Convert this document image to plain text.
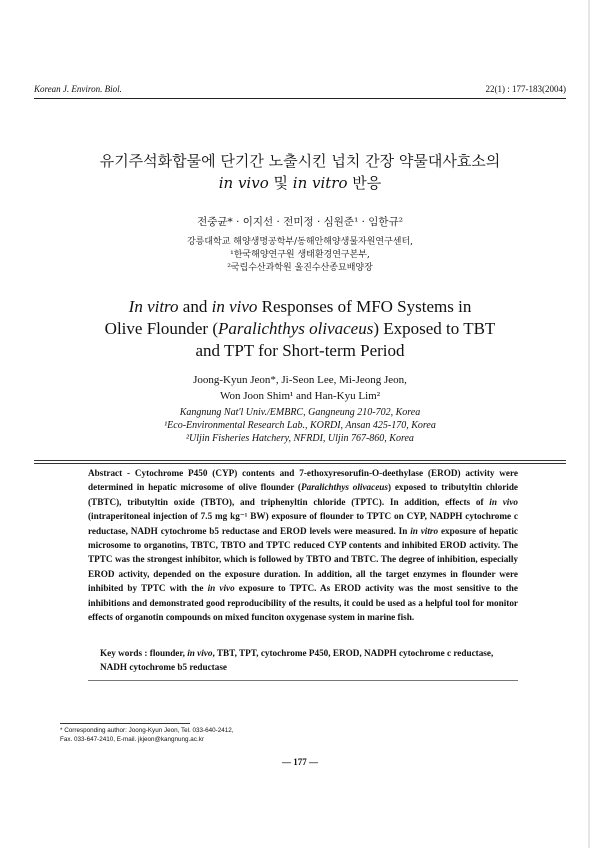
Korean J. Environ. Biol.	22(1) : 177-183(2004)
유기주석화합물에 단기간 노출시킨 넙치 간장 약물대사효소의
in vivo 및 in vitro 반응
전중균* · 이지선 · 전미정 · 심원준¹ · 임한규²
강릉대학교 해양생명공학부/동해안해양생물자원연구센터,
¹한국해양연구원 생태환경연구본부,
²국립수산과학원 울진수산종묘배양장
In vitro and in vivo Responses of MFO Systems in
Olive Flounder (Paralichthys olivaceus) Exposed to TBT
and TPT for Short-term Period
Joong-Kyun Jeon*, Ji-Seon Lee, Mi-Jeong Jeon,
Won Joon Shim¹ and Han-Kyu Lim²
Kangnung Nat'l Univ./EMBRC, Gangneung 210-702, Korea
¹Eco-Environmental Research Lab., KORDI, Ansan 425-170, Korea
²Uljin Fisheries Hatchery, NFRDI, Uljin 767-860, Korea
Abstract - Cytochrome P450 (CYP) contents and 7-ethoxyresorufin-O-deethylase (EROD) activity were determined in hepatic microsome of olive flounder (Paralichthys olivaceus) exposed to tributyltin chloride (TBTC), tributyltin oxide (TBTO), and triphenyltin chloride (TPTC). In addition, effects of in vivo (intraperitoneal injection of 7.5 mg kg⁻¹ BW) exposure of flounder to TPTC on CYP, NADPH cytochrome c reductase, NADH cytochrome b5 reductase and EROD levels were measured. In in vitro exposure of hepatic microsome to organotins, TBTC, TBTO and TPTC reduced CYP contents and inhibited EROD activity. The TPTC was the strongest inhibitor, which is followed by TBTO and TBTC. The degree of inhibition, especially EROD activity, depended on the exposure duration. In addition, all the target enzymes in flounder were inhibited by TPTC with the in vivo exposure to TPTC. As EROD activity was the most sensitive to the inhibitions and demonstrated good reproducibility of the results, it could be used as a helpful tool for monitor effects of organotin compounds on mixed funciton oxygenase system in marine fish.
Key words : flounder, in vivo, TBT, TPT, cytochrome P450, EROD, NADPH cytochrome c reductase, NADH cytochrome b5 reductase
* Corresponding author: Joong-Kyun Jeon, Tel. 033-640-2412,
Fax. 033-647-2410, E-mail. jkjeon@kangnung.ac.kr
— 177 —
